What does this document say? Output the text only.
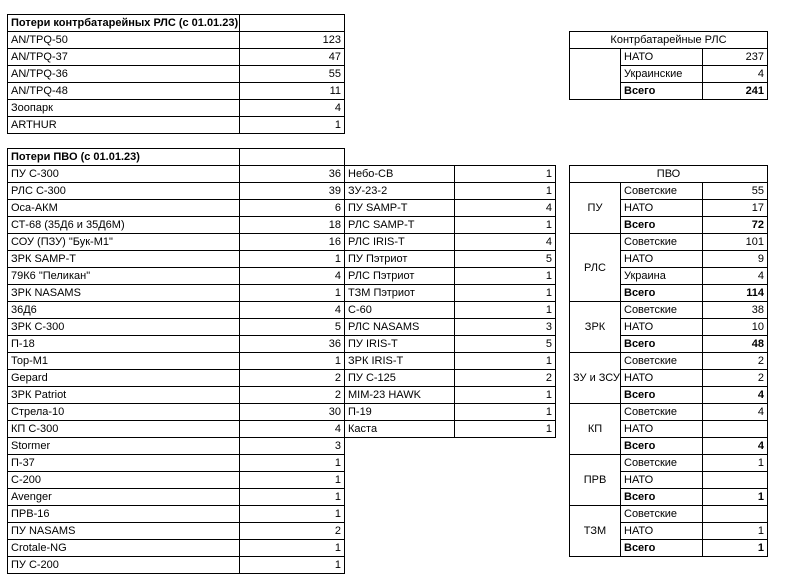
Потери контрбатарейных РЛС (с 01.01.23)	
AN/TPQ-50	123
AN/TPQ-37	47
AN/TPQ-36	55
AN/TPQ-48	11
Зоопарк	4
ARTHUR	1
Контрбатарейные РЛС		
	НАТО	237
	Украинские	4
	Всего	241
Потери ПВО (с 01.01.23)			
ПУ С-300	36	Небо-СВ	1
РЛС С-300	39	ЗУ-23-2	1
Оса-АКМ	6	ПУ SAMP-T	4
СТ-68 (35Д6 и 35Д6М)	18	РЛС SAMP-T	1
СОУ (ПЗУ) "Бук-М1"	16	РЛС IRIS-T	4
ЗРК SAMP-T	1	ПУ Пэтриот	5
79К6 "Пеликан"	4	РЛС Пэтриот	1
ЗРК NASAMS	1	ТЗМ Пэтриот	1
36Д6	4	С-60	1
ЗРК С-300	5	РЛС NASAMS	3
П-18	36	ПУ IRIS-T	5
Тор-М1	1	ЗРК IRIS-T	1
Gepard	2	ПУ С-125	2
ЗРК Patriot	2	MIM-23 HAWK	1
Стрела-10	30	П-19	1
КП С-300	4	Каста	1
Stormer	3		
П-37	1		
С-200	1		
Avenger	1		
ПРВ-16	1		
ПУ NASAMS	2		
Crotale-NG	1		
ПУ С-200	1		
ПВО		
ПУ	Советские	55
	НАТО	17
	Всего	72
РЛС	Советские	101
	НАТО	9
	Украина	4
	Всего	114
ЗРК	Советские	38
	НАТО	10
	Всего	48
ЗУ и ЗСУ	Советские	2
	НАТО	2
	Всего	4
КП	Советские	4
	НАТО	
	Всего	4
ПРВ	Советские	1
	НАТО	
	Всего	1
ТЗМ	Советские	
	НАТО	1
	Всего	1
